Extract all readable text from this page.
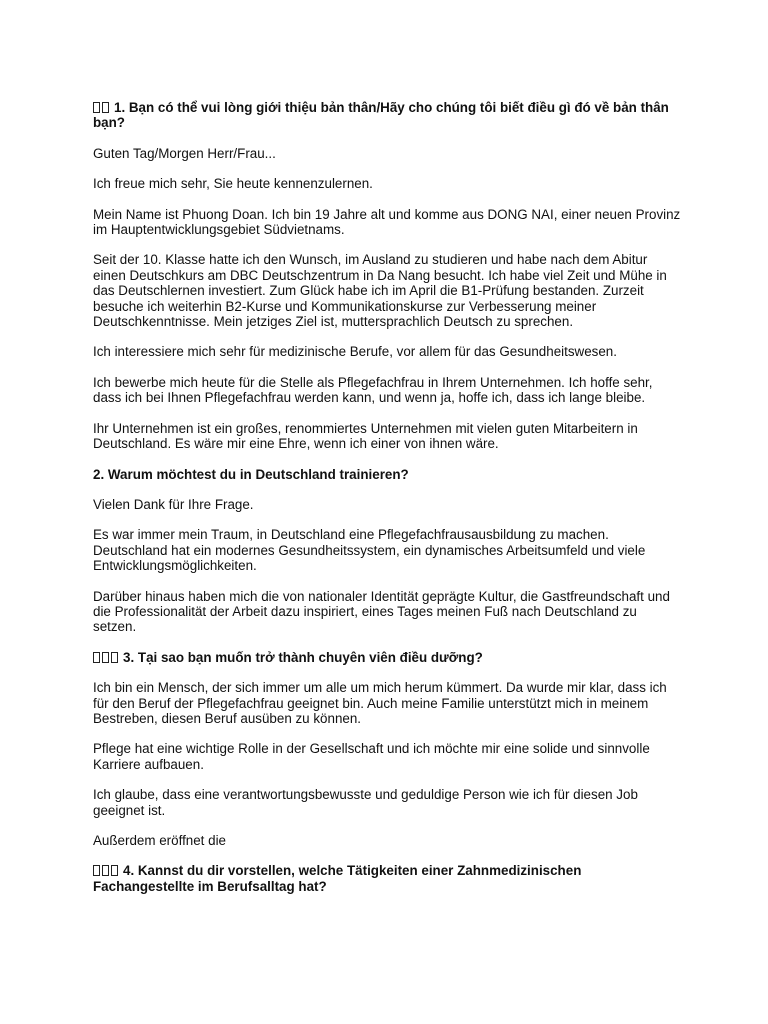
1. Bạn có thể vui lòng giới thiệu bản thân/Hãy cho chúng tôi biết điều gì đó về bản thân bạn?

Guten Tag/Morgen Herr/Frau...

Ich freue mich sehr, Sie heute kennenzulernen.

Mein Name ist Phuong Doan. Ich bin 19 Jahre alt und komme aus DONG NAI, einer neuen Provinz im Hauptentwicklungsgebiet Südvietnams.

Seit der 10. Klasse hatte ich den Wunsch, im Ausland zu studieren und habe nach dem Abitur einen Deutschkurs am DBC Deutschzentrum in Da Nang besucht. Ich habe viel Zeit und Mühe in das Deutschlernen investiert. Zum Glück habe ich im April die B1-Prüfung bestanden. Zurzeit besuche ich weiterhin B2-Kurse und Kommunikationskurse zur Verbesserung meiner Deutschkenntnisse. Mein jetziges Ziel ist, muttersprachlich Deutsch zu sprechen.

Ich interessiere mich sehr für medizinische Berufe, vor allem für das Gesundheitswesen.

Ich bewerbe mich heute für die Stelle als Pflegefachfrau in Ihrem Unternehmen. Ich hoffe sehr, dass ich bei Ihnen Pflegefachfrau werden kann, und wenn ja, hoffe ich, dass ich lange bleibe.

Ihr Unternehmen ist ein großes, renommiertes Unternehmen mit vielen guten Mitarbeitern in Deutschland. Es wäre mir eine Ehre, wenn ich einer von ihnen wäre.

2. Warum möchtest du in Deutschland trainieren?

Vielen Dank für Ihre Frage.

Es war immer mein Traum, in Deutschland eine Pflegefachfrausausbildung zu machen. Deutschland hat ein modernes Gesundheitssystem, ein dynamisches Arbeitsumfeld und viele Entwicklungsmöglichkeiten.

Darüber hinaus haben mich die von nationaler Identität geprägte Kultur, die Gastfreundschaft und die Professionalität der Arbeit dazu inspiriert, eines Tages meinen Fuß nach Deutschland zu setzen.

3. Tại sao bạn muốn trở thành chuyên viên điều dưỡng?

Ich bin ein Mensch, der sich immer um alle um mich herum kümmert. Da wurde mir klar, dass ich für den Beruf der Pflegefachfrau geeignet bin. Auch meine Familie unterstützt mich in meinem Bestreben, diesen Beruf ausüben zu können.

Pflege hat eine wichtige Rolle in der Gesellschaft und ich möchte mir eine solide und sinnvolle Karriere aufbauen.

Ich glaube, dass eine verantwortungsbewusste und geduldige Person wie ich für diesen Job geeignet ist.

Außerdem eröffnet die

4. Kannst du dir vorstellen, welche Tätigkeiten einer Zahnmedizinischen Fachangestellte im Berufsalltag hat?
